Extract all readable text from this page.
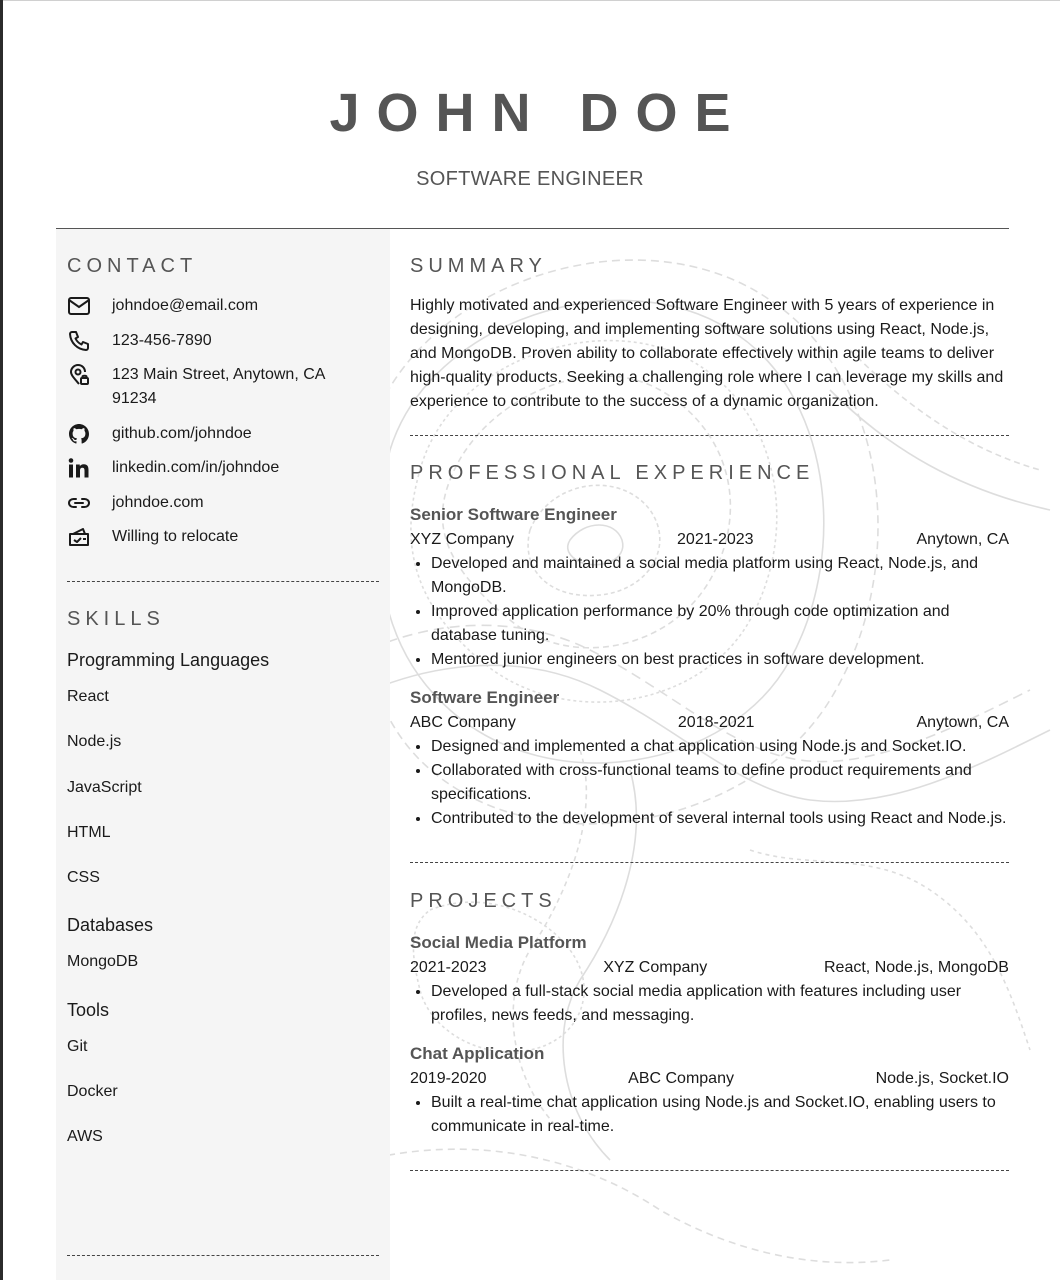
JOHN DOE
SOFTWARE ENGINEER
CONTACT
johndoe@email.com
123-456-7890
123 Main Street, Anytown, CA 91234
github.com/johndoe
linkedin.com/in/johndoe
johndoe.com
Willing to relocate
SKILLS
Programming Languages
React
Node.js
JavaScript
HTML
CSS
Databases
MongoDB
Tools
Git
Docker
AWS
SUMMARY
Highly motivated and experienced Software Engineer with 5 years of experience in designing, developing, and implementing software solutions using React, Node.js, and MongoDB. Proven ability to collaborate effectively within agile teams to deliver high-quality products. Seeking a challenging role where I can leverage my skills and experience to contribute to the success of a dynamic organization.
PROFESSIONAL EXPERIENCE
Senior Software Engineer
XYZ Company	2021-2023	Anytown, CA
• Developed and maintained a social media platform using React, Node.js, and MongoDB.
• Improved application performance by 20% through code optimization and database tuning.
• Mentored junior engineers on best practices in software development.
Software Engineer
ABC Company	2018-2021	Anytown, CA
• Designed and implemented a chat application using Node.js and Socket.IO.
• Collaborated with cross-functional teams to define product requirements and specifications.
• Contributed to the development of several internal tools using React and Node.js.
PROJECTS
Social Media Platform
2021-2023	XYZ Company	React, Node.js, MongoDB
• Developed a full-stack social media application with features including user profiles, news feeds, and messaging.
Chat Application
2019-2020	ABC Company	Node.js, Socket.IO
• Built a real-time chat application using Node.js and Socket.IO, enabling users to communicate in real-time.
